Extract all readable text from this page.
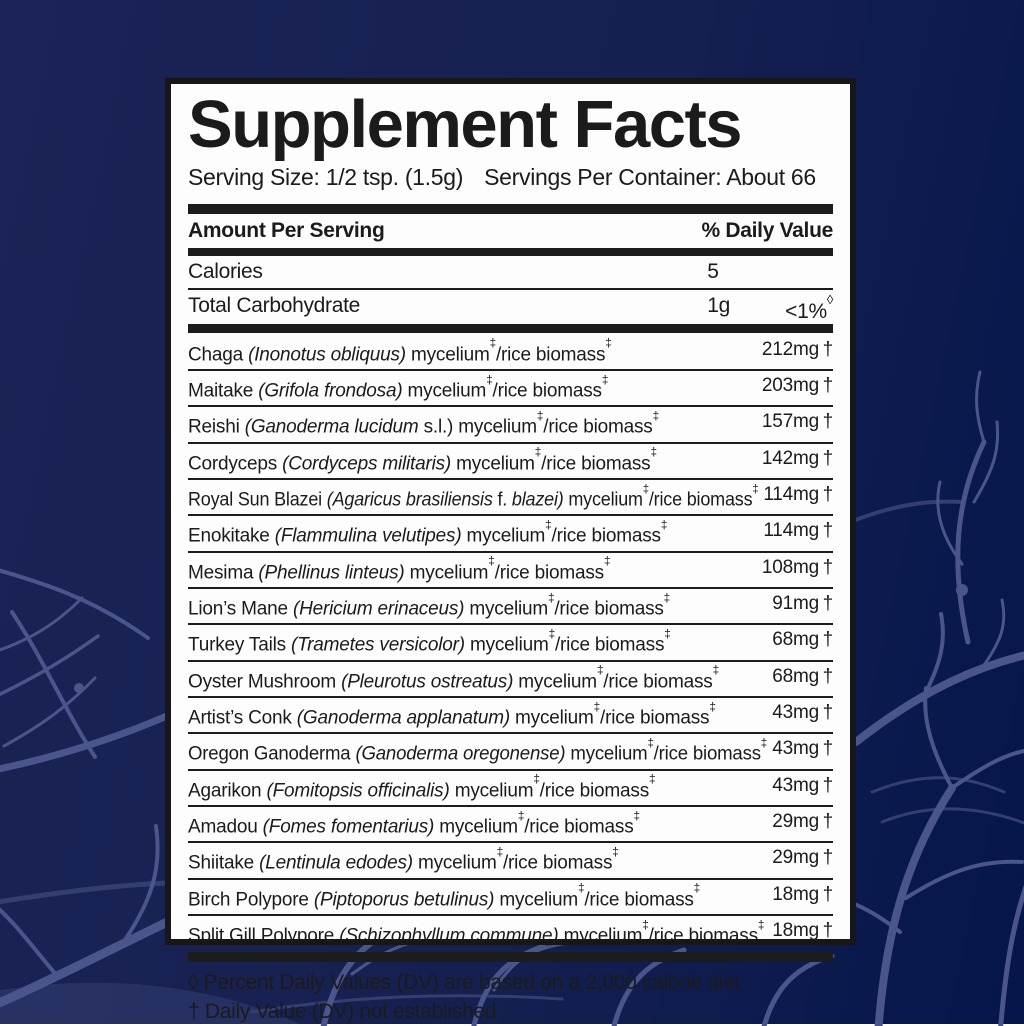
Supplement Facts
Serving Size: 1/2 tsp. (1.5g) Servings Per Container: About 66
Amount Per Serving	% Daily Value
Calories	5
Total Carbohydrate	1g	<1%◊
Chaga (Inonotus obliquus) mycelium‡/rice biomass‡	212mg †
Maitake (Grifola frondosa) mycelium‡/rice biomass‡	203mg †
Reishi (Ganoderma lucidum s.l.) mycelium‡/rice biomass‡	157mg †
Cordyceps (Cordyceps militaris) mycelium‡/rice biomass‡	142mg †
Royal Sun Blazei (Agaricus brasiliensis f. blazei) mycelium‡/rice biomass‡ 114mg †
Enokitake (Flammulina velutipes) mycelium‡/rice biomass‡	114mg †
Mesima (Phellinus linteus) mycelium‡/rice biomass‡	108mg †
Lion’s Mane (Hericium erinaceus) mycelium‡/rice biomass‡	91mg †
Turkey Tails (Trametes versicolor) mycelium‡/rice biomass‡	68mg †
Oyster Mushroom (Pleurotus ostreatus) mycelium‡/rice biomass‡	68mg †
Artist’s Conk (Ganoderma applanatum) mycelium‡/rice biomass‡	43mg †
Oregon Ganoderma (Ganoderma oregonense) mycelium‡/rice biomass‡ 43mg †
Agarikon (Fomitopsis officinalis) mycelium‡/rice biomass‡	43mg †
Amadou (Fomes fomentarius) mycelium‡/rice biomass‡	29mg †
Shiitake (Lentinula edodes) mycelium‡/rice biomass‡	29mg †
Birch Polypore (Piptoporus betulinus) mycelium‡/rice biomass‡	18mg †
Split Gill Polypore (Schizophyllum commune) mycelium‡/rice biomass‡ 18mg †
◊ Percent Daily Values (DV) are based on a 2,000 calorie diet
† Daily Value (DV) not established
